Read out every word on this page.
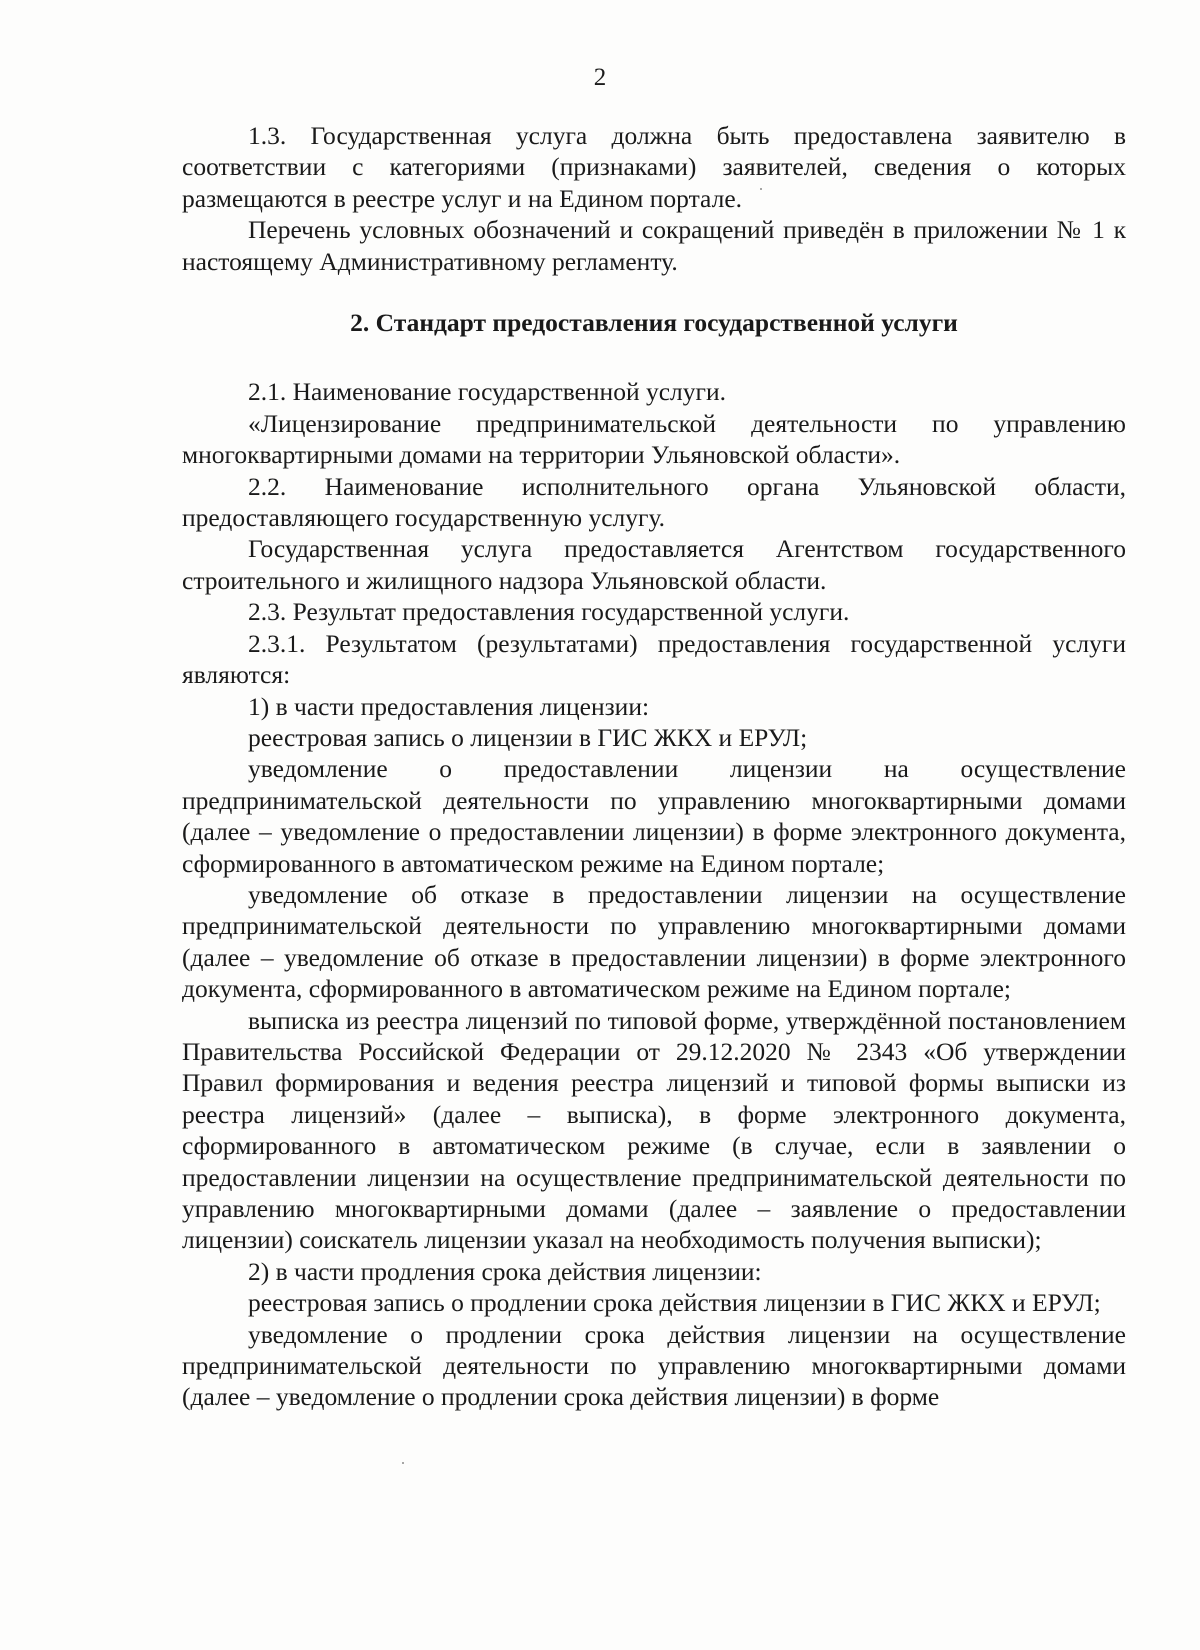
2

1.3. Государственная услуга должна быть предоставлена заявителю в соответствии с категориями (признаками) заявителей, сведения о которых размещаются в реестре услуг и на Едином портале.

Перечень условных обозначений и сокращений приведён в приложении № 1 к настоящему Административному регламенту.

2. Стандарт предоставления государственной услуги

2.1. Наименование государственной услуги.

«Лицензирование предпринимательской деятельности по управлению многоквартирными домами на территории Ульяновской области».

2.2. Наименование исполнительного органа Ульяновской области, предоставляющего государственную услугу.

Государственная услуга предоставляется Агентством государственного строительного и жилищного надзора Ульяновской области.

2.3. Результат предоставления государственной услуги.

2.3.1. Результатом (результатами) предоставления государственной услуги являются:

1) в части предоставления лицензии:

реестровая запись о лицензии в ГИС ЖКХ и ЕРУЛ;

уведомление о предоставлении лицензии на осуществление предпринимательской деятельности по управлению многоквартирными домами (далее – уведомление о предоставлении лицензии) в форме электронного документа, сформированного в автоматическом режиме на Едином портале;

уведомление об отказе в предоставлении лицензии на осуществление предпринимательской деятельности по управлению многоквартирными домами (далее – уведомление об отказе в предоставлении лицензии) в форме электронного документа, сформированного в автоматическом режиме на Едином портале;

выписка из реестра лицензий по типовой форме, утверждённой постановлением Правительства Российской Федерации от 29.12.2020 № 2343 «Об утверждении Правил формирования и ведения реестра лицензий и типовой формы выписки из реестра лицензий» (далее – выписка), в форме электронного документа, сформированного в автоматическом режиме (в случае, если в заявлении о предоставлении лицензии на осуществление предпринимательской деятельности по управлению многоквартирными домами (далее – заявление о предоставлении лицензии) соискатель лицензии указал на необходимость получения выписки);

2) в части продления срока действия лицензии:

реестровая запись о продлении срока действия лицензии в ГИС ЖКХ и ЕРУЛ;

уведомление о продлении срока действия лицензии на осуществление предпринимательской деятельности по управлению многоквартирными домами (далее – уведомление о продлении срока действия лицензии) в форме
